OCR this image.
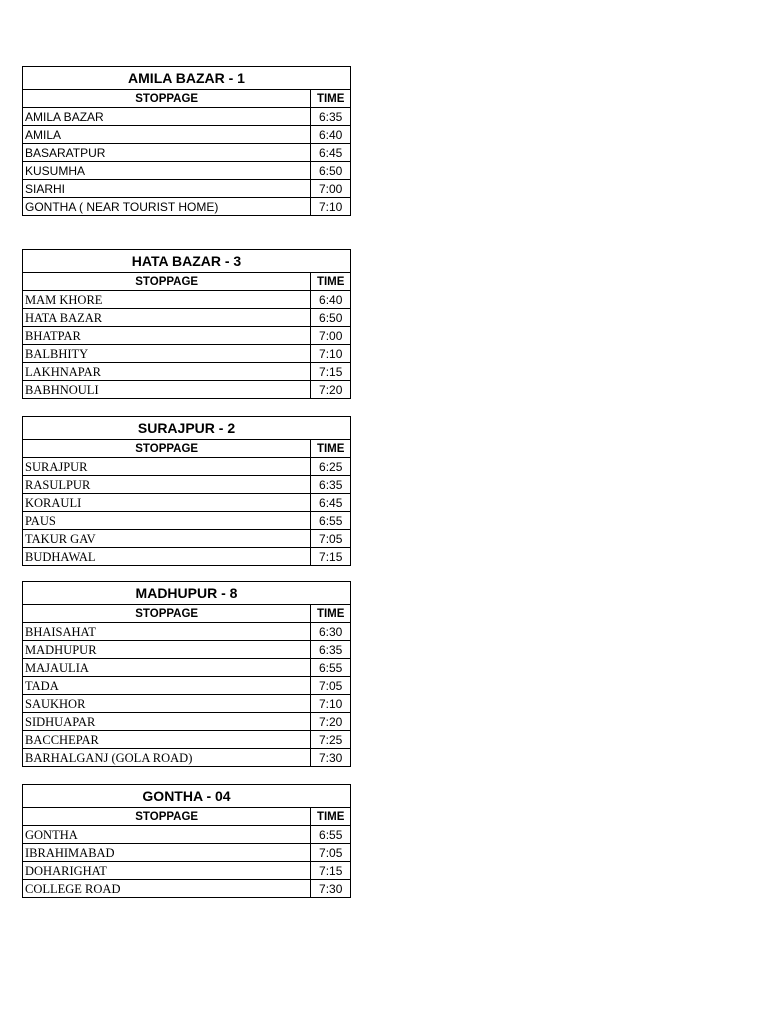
AMILA BAZAR - 1	
STOPPAGE	TIME
AMILA BAZAR	6:35
AMILA	6:40
BASARATPUR	6:45
KUSUMHA	6:50
SIARHI	7:00
GONTHA ( NEAR TOURIST HOME)	7:10
HATA BAZAR - 3	
STOPPAGE	TIME
MAM KHORE	6:40
HATA BAZAR	6:50
BHATPAR	7:00
BALBHITY	7:10
LAKHNAPAR	7:15
BABHNOULI	7:20
SURAJPUR - 2	
STOPPAGE	TIME
SURAJPUR	6:25
RASULPUR	6:35
KORAULI	6:45
PAUS	6:55
TAKUR GAV	7:05
BUDHAWAL	7:15
MADHUPUR - 8	
STOPPAGE	TIME
BHAISAHAT	6:30
MADHUPUR	6:35
MAJAULIA	6:55
TADA	7:05
SAUKHOR	7:10
SIDHUAPAR	7:20
BACCHEPAR	7:25
BARHALGANJ (GOLA ROAD)	7:30
GONTHA - 04	
STOPPAGE	TIME
GONTHA	6:55
IBRAHIMABAD	7:05
DOHARIGHAT	7:15
COLLEGE ROAD	7:30
